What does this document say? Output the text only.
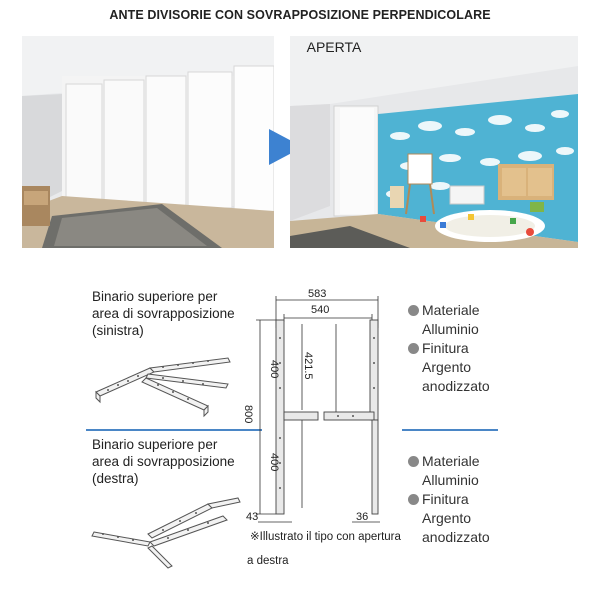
ANTE DIVISORIE CON SOVRAPPOSIZIONE PERPENDICOLARE
APERTA
Binario superiore per
area di sovrapposizione
(sinistra)
Binario superiore per
area di sovrapposizione
(destra)
583
540
400
400
421.5
800
43	36
※Illustrato il tipo con apertura
a destra
Materiale
Alluminio
Finitura
Argento
anodizzato
Materiale
Alluminio
Finitura
Argento
anodizzato
